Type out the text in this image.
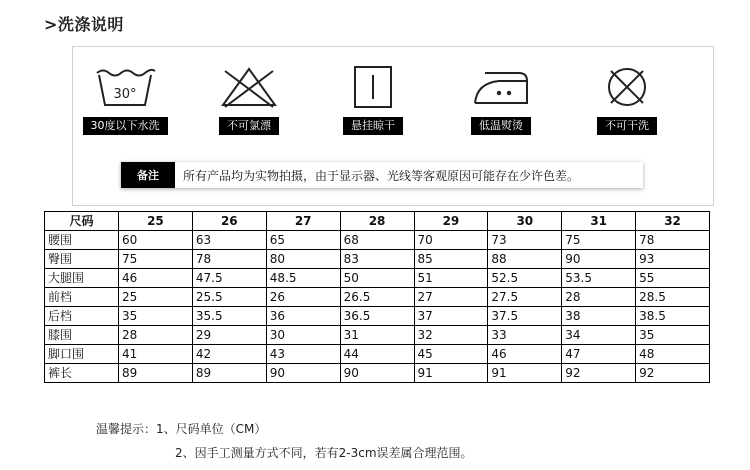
>洗涤说明
30°
30度以下水洗	不可氯漂	悬挂晾干	低温熨烫	不可干洗
备注	所有产品均为实物拍摄，由于显示器、光线等客观原因可能存在少许色差。
尺码	25	26	27	28	29	30	31	32
腰围	60	63	65	68	70	73	75	78
臀围	75	78	80	83	85	88	90	93
大腿围	46	47.5	48.5	50	51	52.5	53.5	55
前档	25	25.5	26	26.5	27	27.5	28	28.5
后档	35	35.5	36	36.5	37	37.5	38	38.5
膝围	28	29	30	31	32	33	34	35
脚口围	41	42	43	44	45	46	47	48
裤长	89	89	90	90	91	91	92	92
温馨提示：1、尺码单位（CM）
2、因手工测量方式不同，若有2-3cm误差属合理范围。
